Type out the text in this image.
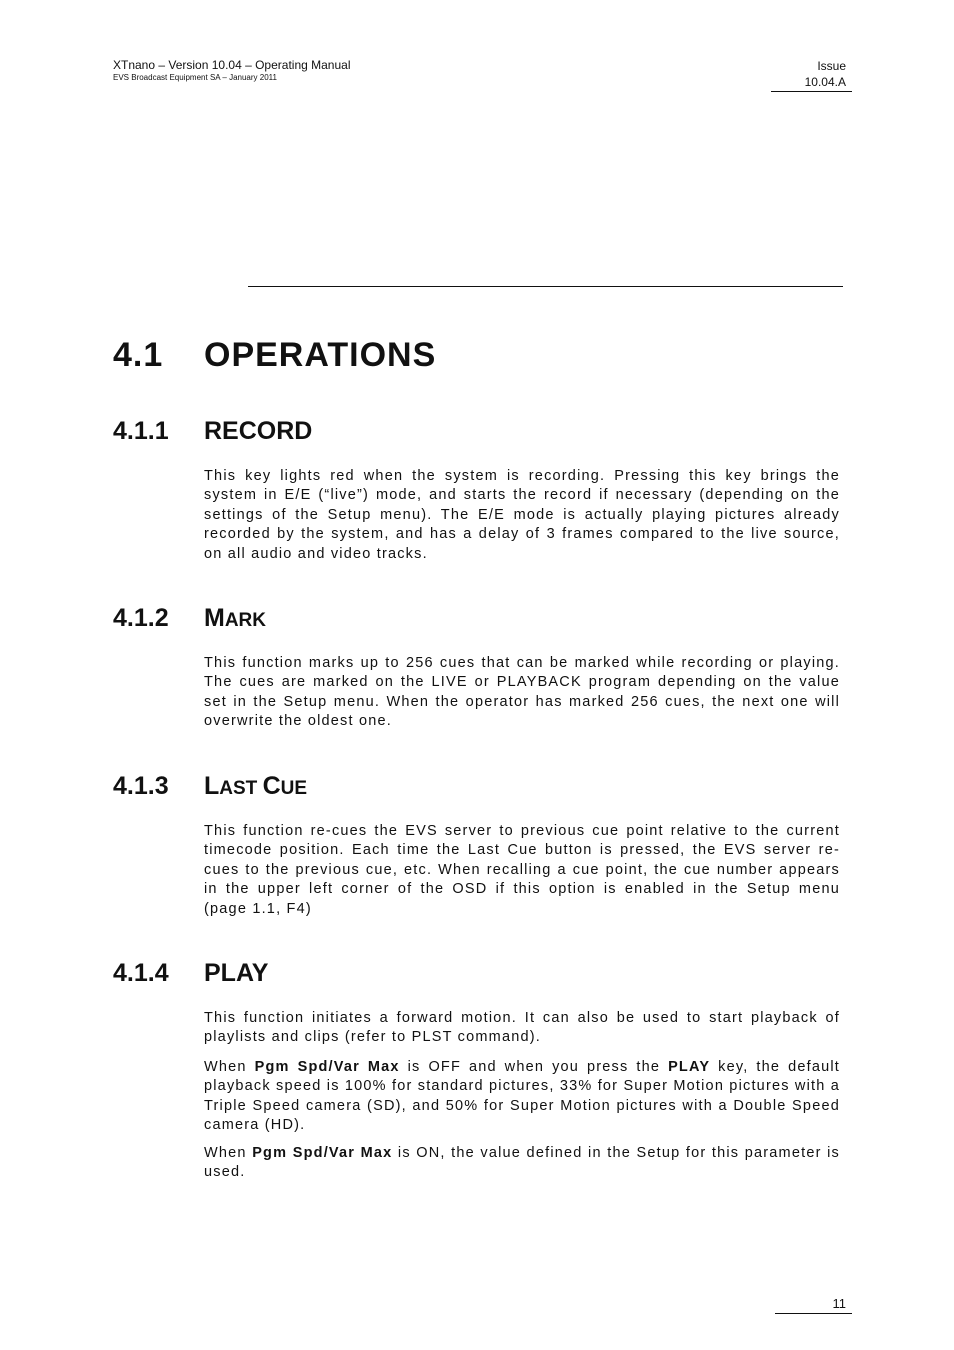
XTnano – Version 10.04 – Operating Manual
EVS Broadcast Equipment SA – January 2011
Issue
10.04.A
4.1 OPERATIONS
4.1.1 RECORD

This key lights red when the system is recording. Pressing this key brings the system in E/E (“live”) mode, and starts the record if necessary (depending on the settings of the Setup menu). The E/E mode is actually playing pictures already recorded by the system, and has a delay of 3 frames compared to the live source, on all audio and video tracks.

4.1.2 MARK

This function marks up to 256 cues that can be marked while recording or playing. The cues are marked on the LIVE or PLAYBACK program depending on the value set in the Setup menu. When the operator has marked 256 cues, the next one will overwrite the oldest one.

4.1.3 LAST CUE

This function re-cues the EVS server to previous cue point relative to the current timecode position. Each time the Last Cue button is pressed, the EVS server re-cues to the previous cue, etc. When recalling a cue point, the cue number appears in the upper left corner of the OSD if this option is enabled in the Setup menu (page 1.1, F4)

4.1.4 PLAY

This function initiates a forward motion. It can also be used to start playback of playlists and clips (refer to PLST command).

When Pgm Spd/Var Max is OFF and when you press the PLAY key, the default playback speed is 100% for standard pictures, 33% for Super Motion pictures with a Triple Speed camera (SD), and 50% for Super Motion pictures with a Double Speed camera (HD).

When Pgm Spd/Var Max is ON, the value defined in the Setup for this parameter is used.

11
